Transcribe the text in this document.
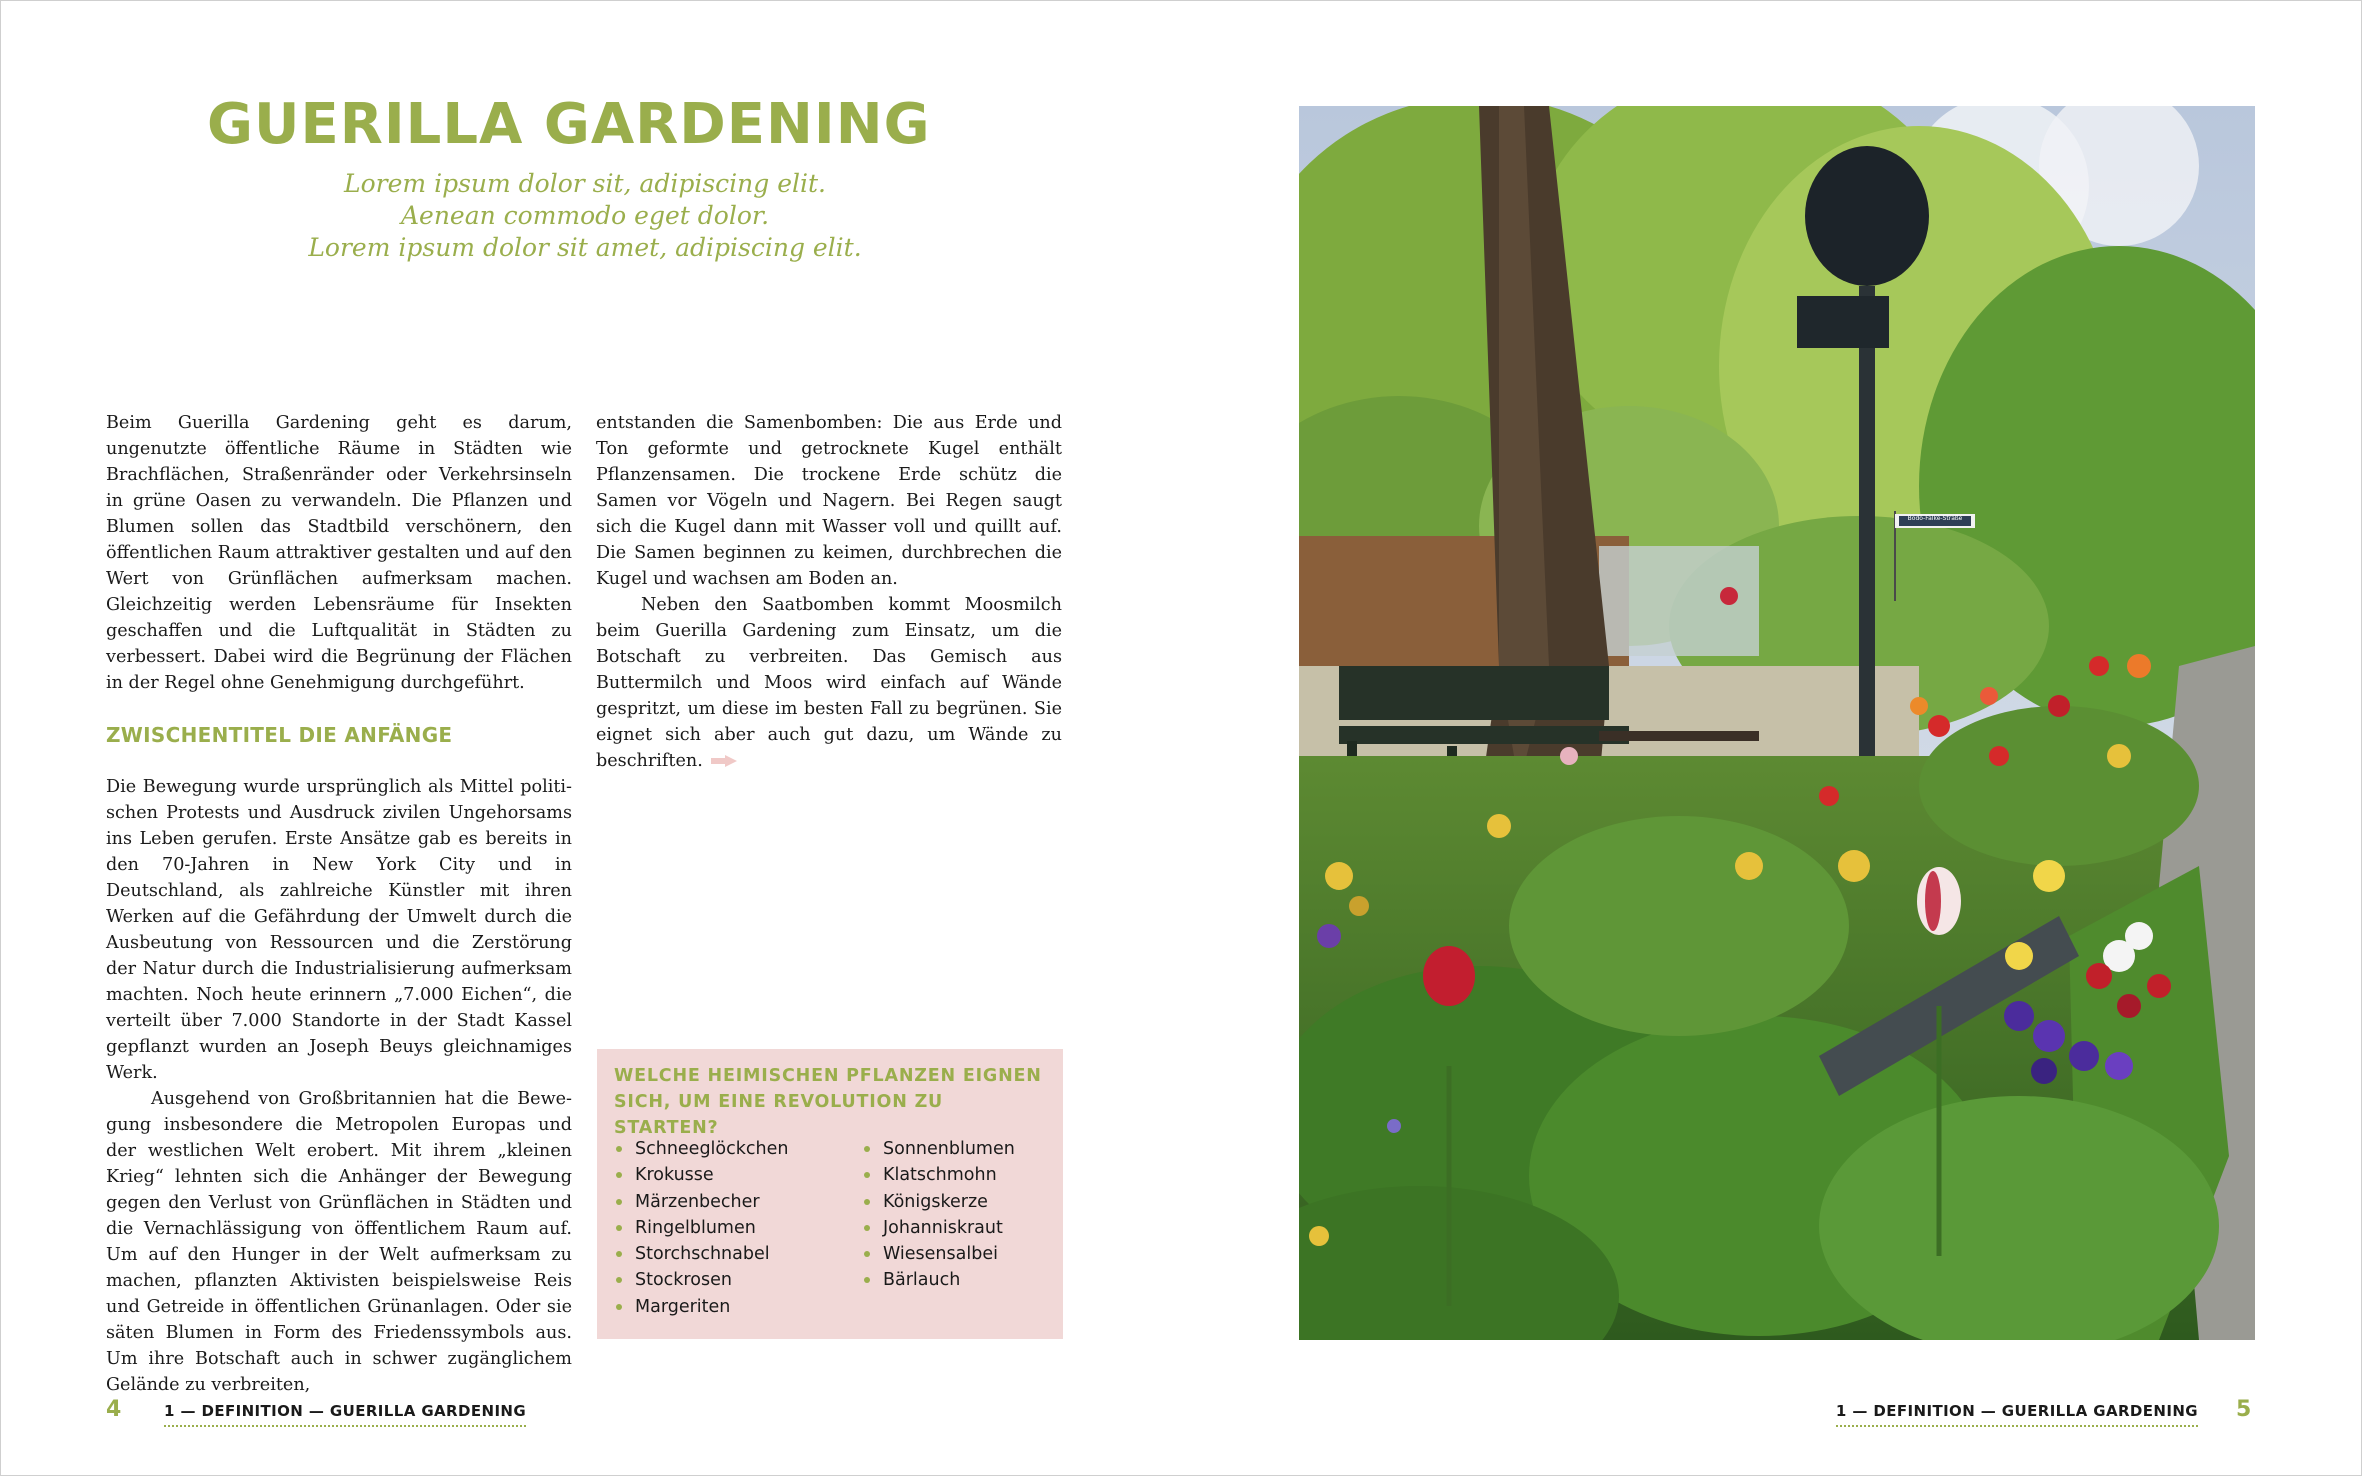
GUERILLA GARDENING
Lorem ipsum dolor sit, adipiscing elit.
Aenean commodo eget dolor.
Lorem ipsum dolor sit amet, adipiscing elit.

Beim Guerilla Gardening geht es darum, ungenutzte öffentliche Räume in Städten wie Brachflächen, Straßenränder oder Verkehrsinseln in grüne Oasen zu verwandeln. Die Pflanzen und Blumen sollen das Stadtbild verschönern, den öffentlichen Raum attraktiver gestalten und auf den Wert von Grünflächen aufmerksam machen. Gleichzeitig werden Lebensräume für Insekten geschaffen und die Luftqualität in Städten zu verbessert. Dabei wird die Begrünung der Flächen in der Regel ohne Genehmigung durchgeführt.

ZWISCHENTITEL DIE ANFÄNGE

Die Bewegung wurde ursprünglich als Mittel politischen Protests und Ausdruck zivilen Ungehorsams ins Leben gerufen. Erste Ansätze gab es bereits in den 70-Jahren in New York City und in Deutschland, als zahlreiche Künstler mit ihren Werken auf die Gefährdung der Umwelt durch die Ausbeutung von Ressourcen und die Zerstörung der Natur durch die Industrialisierung aufmerksam machten. Noch heute erinnern „7.000 Eichen“, die verteilt über 7.000 Standorte in der Stadt Kassel gepflanzt wurden an Joseph Beuys gleichnamiges Werk.

Ausgehend von Großbritannien hat die Bewegung insbesondere die Metropolen Europas und der westlichen Welt erobert. Mit ihrem „kleinen Krieg“ lehnten sich die Anhänger der Bewegung gegen den Verlust von Grünflächen in Städten und die Vernachlässigung von öffentlichem Raum auf. Um auf den Hunger in der Welt aufmerksam zu machen, pflanzten Aktivisten beispielsweise Reis und Getreide in öffentlichen Grünanlagen. Oder sie säten Blumen in Form des Friedenssymbols aus. Um ihre Botschaft auch in schwer zugänglichem Gelände zu verbreiten,

entstanden die Samenbomben: Die aus Erde und Ton geformte und getrocknete Kugel enthält Pflanzensamen. Die trockene Erde schütz die Samen vor Vögeln und Nagern. Bei Regen saugt sich die Kugel dann mit Wasser voll und quillt auf. Die Samen beginnen zu keimen, durchbrechen die Kugel und wachsen am Boden an.

Neben den Saatbomben kommt Moosmilch beim Guerilla Gardening zum Einsatz, um die Botschaft zu verbreiten. Das Gemisch aus Buttermilch und Moos wird einfach auf Wände gespritzt, um diese im besten Fall zu begrünen. Sie eignet sich aber auch gut dazu, um Wände zu beschriften.

WELCHE HEIMISCHEN PFLANZEN EIGNEN SICH, UM EINE REVOLUTION ZU STARTEN?
Schneeglöckchen
Krokusse
Märzenbecher
Ringelblumen
Storchschnabel
Stockrosen
Margeriten
Sonnenblumen
Klatschmohn
Königskerze
Johanniskraut
Wiesensalbei
Bärlauch
Bodo-Falke-Straße
4	1 — DEFINITION — GUERILLA GARDENING	1 — DEFINITION — GUERILLA GARDENING 5
